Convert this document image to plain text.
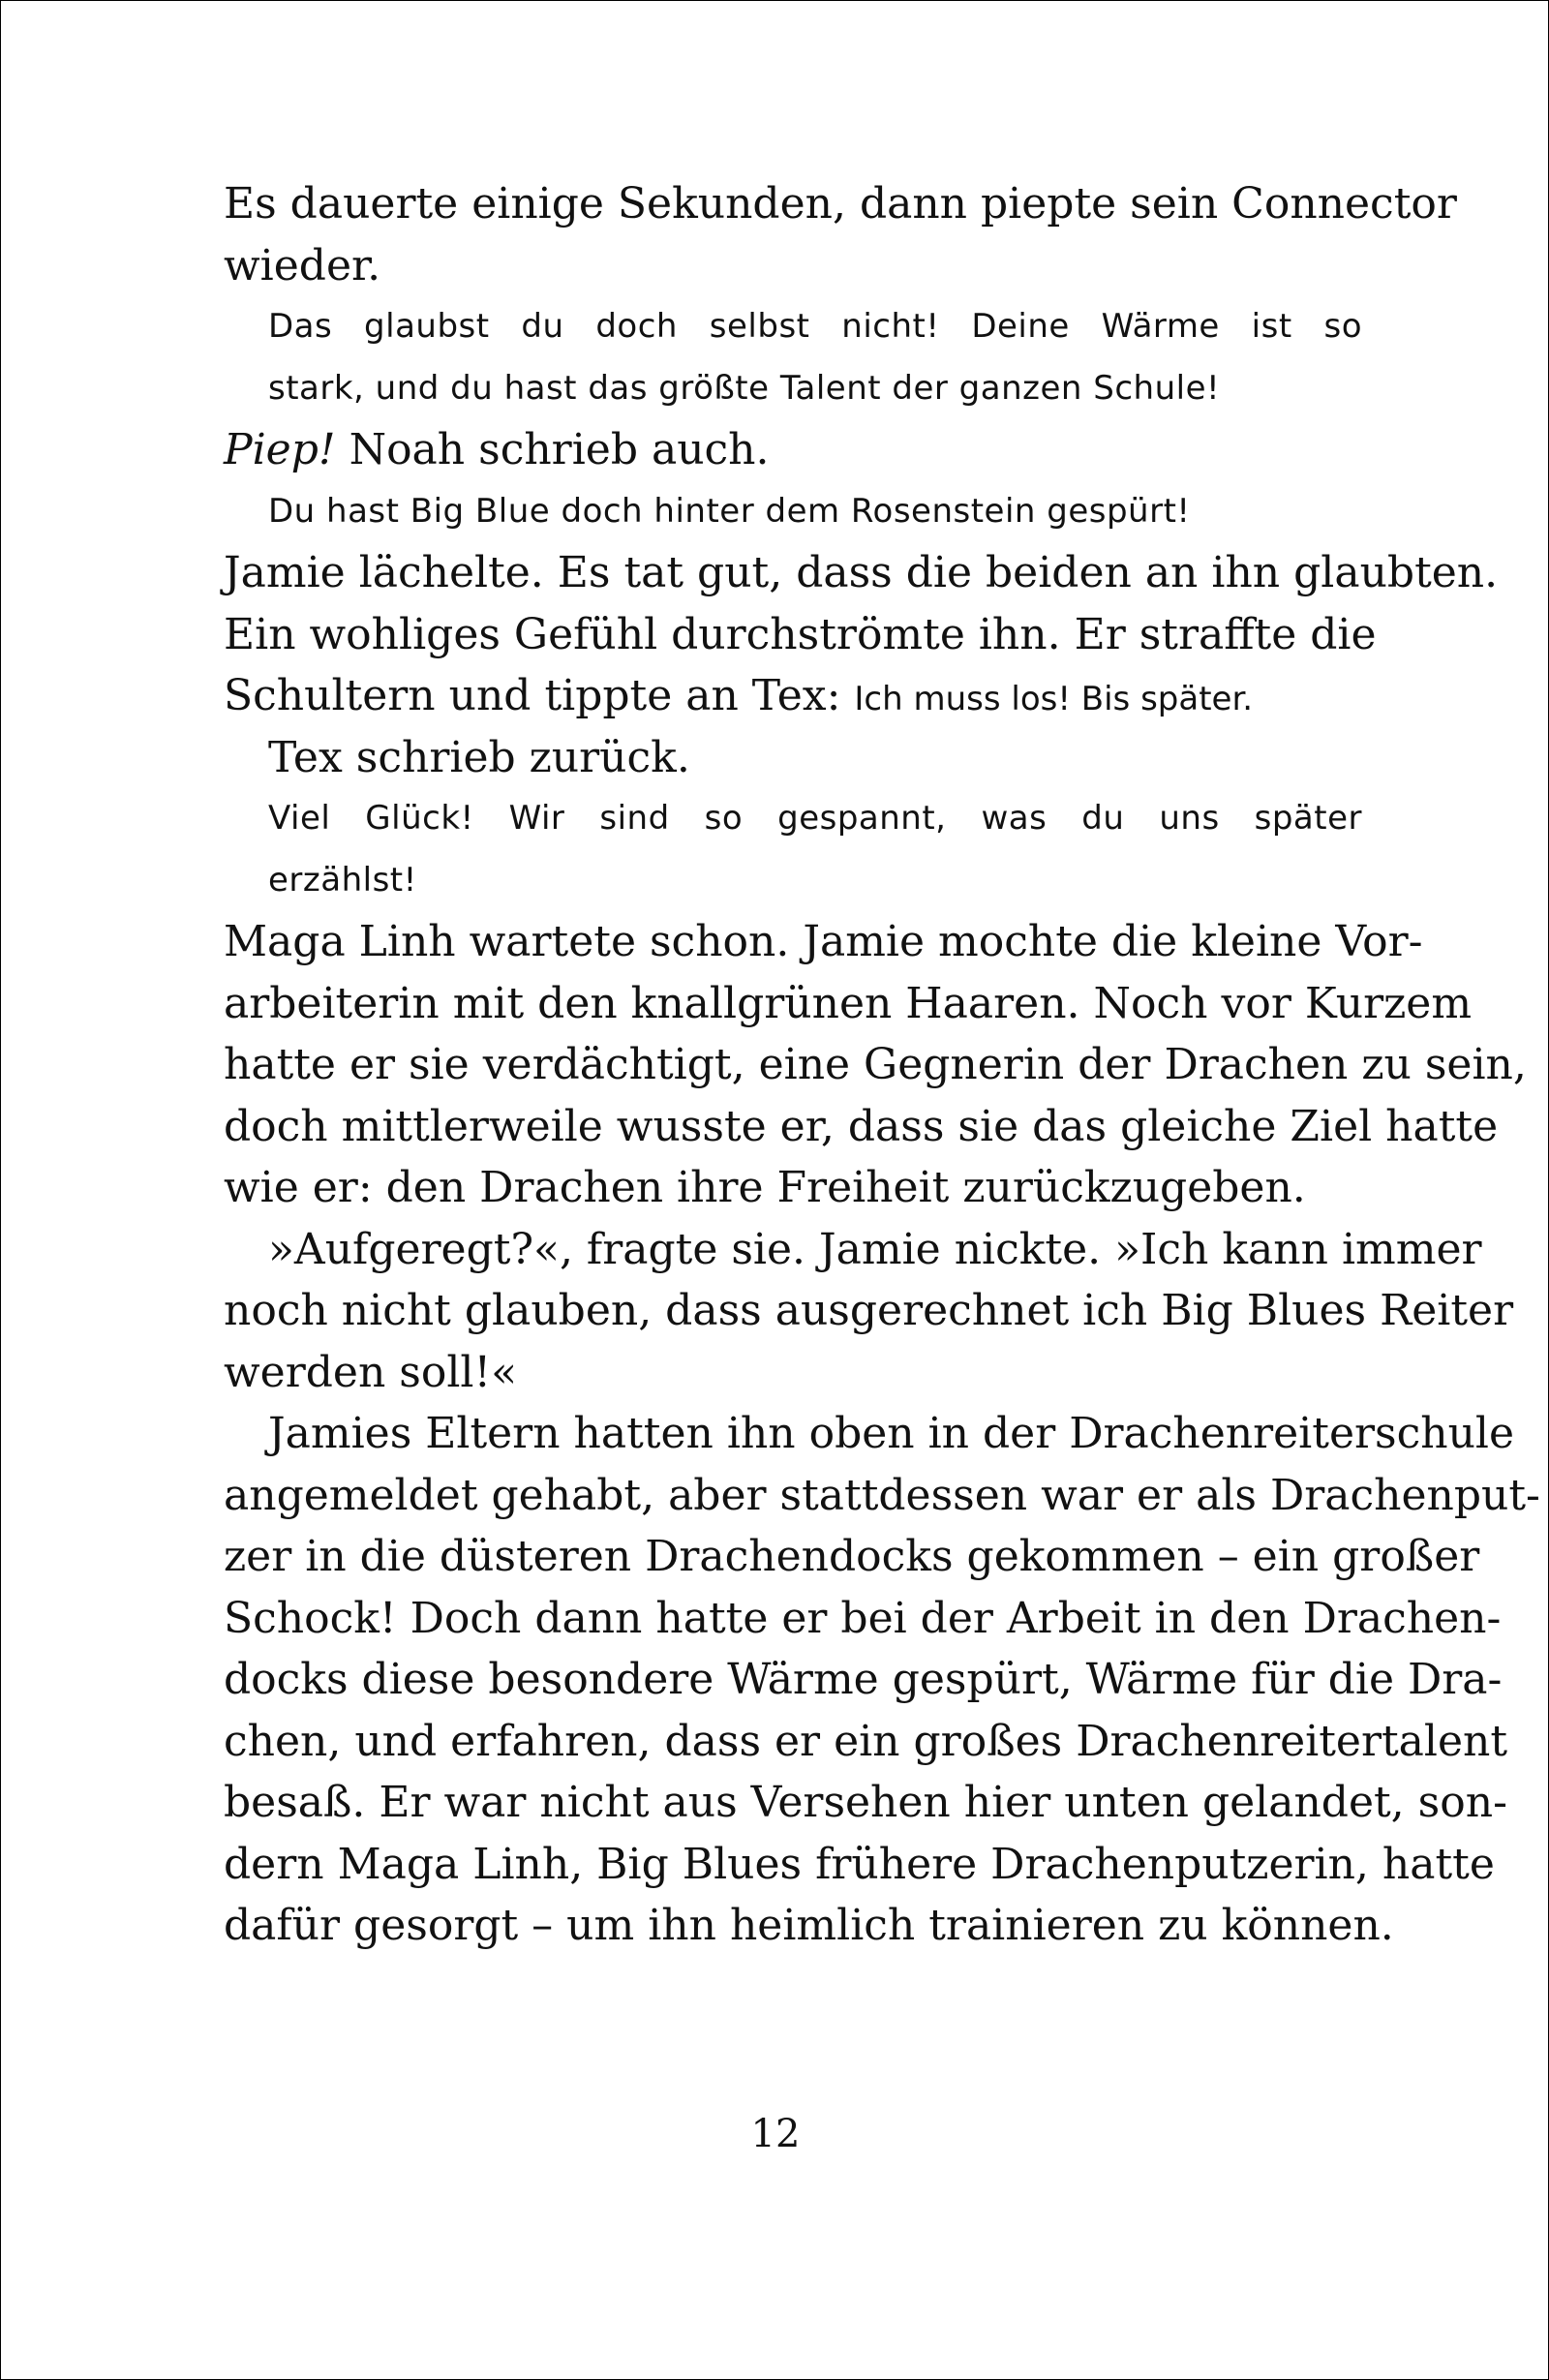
Es dauerte einige Sekunden, dann piepte sein Connector
wieder.
Das glaubst du doch selbst nicht! Deine Wärme ist so
stark, und du hast das größte Talent der ganzen Schule!
Piep! Noah schrieb auch.
Du hast Big Blue doch hinter dem Rosenstein gespürt!
Jamie lächelte. Es tat gut, dass die beiden an ihn glaubten.
Ein wohliges Gefühl durchströmte ihn. Er straffte die
Schultern und tippte an Tex: Ich muss los! Bis später.
Tex schrieb zurück.
Viel Glück! Wir sind so gespannt, was du uns später
erzählst!
Maga Linh wartete schon. Jamie mochte die kleine Vor-
arbeiterin mit den knallgrünen Haaren. Noch vor Kurzem
hatte er sie verdächtigt, eine Gegnerin der Drachen zu sein,
doch mittlerweile wusste er, dass sie das gleiche Ziel hatte
wie er: den Drachen ihre Freiheit zurückzugeben.
»Aufgeregt?«, fragte sie. Jamie nickte. »Ich kann immer
noch nicht glauben, dass ausgerechnet ich Big Blues Reiter
werden soll!«
Jamies Eltern hatten ihn oben in der Drachenreiterschule
angemeldet gehabt, aber stattdessen war er als Drachenput-
zer in die düsteren Drachendocks gekommen – ein großer
Schock! Doch dann hatte er bei der Arbeit in den Drachen-
docks diese besondere Wärme gespürt, Wärme für die Dra-
chen, und erfahren, dass er ein großes Drachenreitertalent
besaß. Er war nicht aus Versehen hier unten gelandet, son-
dern Maga Linh, Big Blues frühere Drachenputzerin, hatte
dafür gesorgt – um ihn heimlich trainieren zu können.
12
